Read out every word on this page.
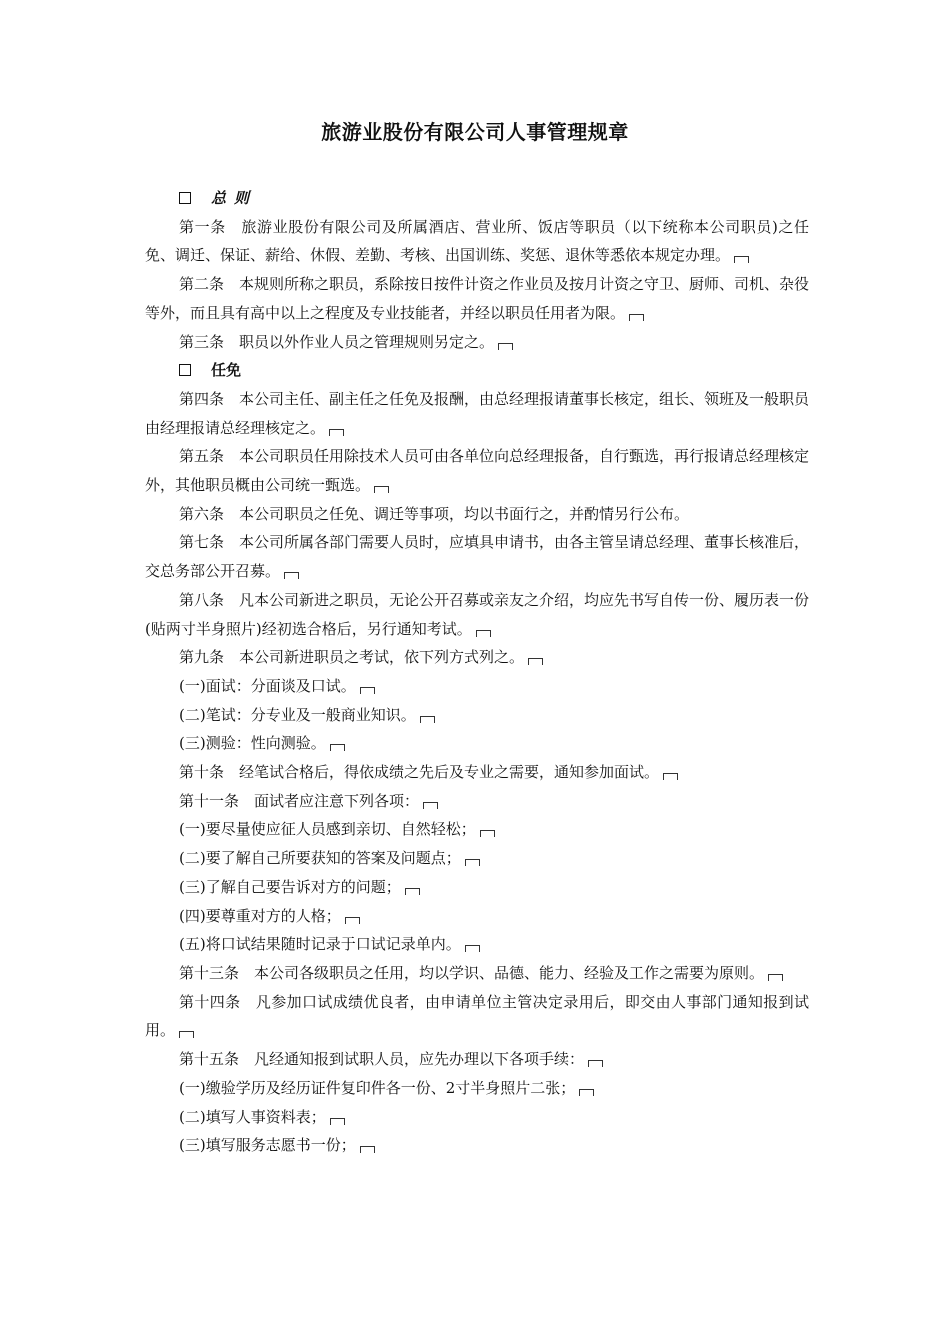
旅游业股份有限公司人事管理规章

总则

第一条　旅游业股份有限公司及所属酒店、营业所、饭店等职员（以下统称本公司职员)之任免、调迁、保证、薪给、休假、差勤、考核、出国训练、奖惩、退休等悉依本规定办理。

第二条　本规则所称之职员，系除按日按件计资之作业员及按月计资之守卫、厨师、司机、杂役等外，而且具有高中以上之程度及专业技能者，并经以职员任用者为限。

第三条　职员以外作业人员之管理规则另定之。

任免

第四条　本公司主任、副主任之任免及报酬，由总经理报请董事长核定，组长、领班及一般职员由经理报请总经理核定之。

第五条　本公司职员任用除技术人员可由各单位向总经理报备，自行甄选，再行报请总经理核定外，其他职员概由公司统一甄选。

第六条　本公司职员之任免、调迁等事项，均以书面行之，并酌情另行公布。

第七条　本公司所属各部门需要人员时，应填具申请书，由各主管呈请总经理、董事长核准后，交总务部公开召募。

第八条　凡本公司新进之职员，无论公开召募或亲友之介绍，均应先书写自传一份、履历表一份(贴两寸半身照片)经初选合格后，另行通知考试。

第九条　本公司新进职员之考试，依下列方式列之。

(一)面试：分面谈及口试。

(二)笔试：分专业及一般商业知识。

(三)测验：性向测验。

第十条　经笔试合格后，得依成绩之先后及专业之需要，通知参加面试。

第十一条　面试者应注意下列各项：

(一)要尽量使应征人员感到亲切、自然轻松；

(二)要了解自己所要获知的答案及问题点；

(三)了解自己要告诉对方的问题；

(四)要尊重对方的人格；

(五)将口试结果随时记录于口试记录单内。

第十三条　本公司各级职员之任用，均以学识、品德、能力、经验及工作之需要为原则。

第十四条　凡参加口试成绩优良者，由申请单位主管决定录用后，即交由人事部门通知报到试用。

第十五条　凡经通知报到试职人员，应先办理以下各项手续：

(一)缴验学历及经历证件复印件各一份、2寸半身照片二张；

(二)填写人事资料表；

(三)填写服务志愿书一份；
